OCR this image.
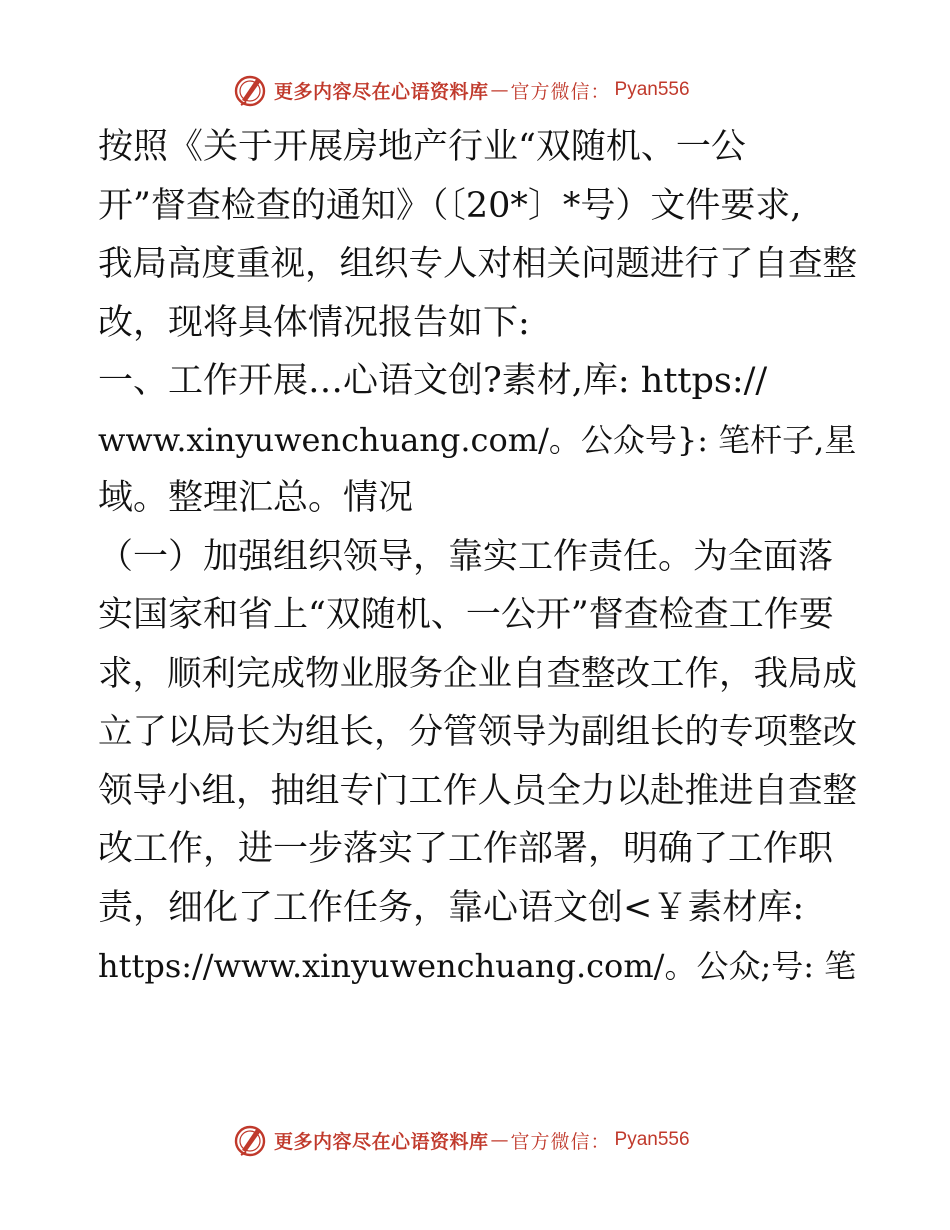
更多内容尽在心语资料库 — 官方微信： Pyan556
按照《关于开展房地产行业“双随机、一公
开”督查检查的通知》（〔20*〕*号）文件要求,
我局高度重视，组织专人对相关问题进行了自查整
改，现将具体情况报告如下:
一、工作开展…心语文创?素材,库: https://
www.xinyuwenchuang.com/。公众号}: 笔杆子,星
域。整理汇总。情况
（一）加强组织领导，靠实工作责任。为全面落
实国家和省上“双随机、一公开”督查检查工作要
求，顺利完成物业服务企业自查整改工作，我局成
立了以局长为组长，分管领导为副组长的专项整改
领导小组，抽组专门工作人员全力以赴推进自查整
改工作，进一步落实了工作部署，明确了工作职
责，细化了工作任务，靠心语文创<￥素材库:
https://www.xinyuwenchuang.com/。公众;号: 笔
更多内容尽在心语资料库 — 官方微信： Pyan556
